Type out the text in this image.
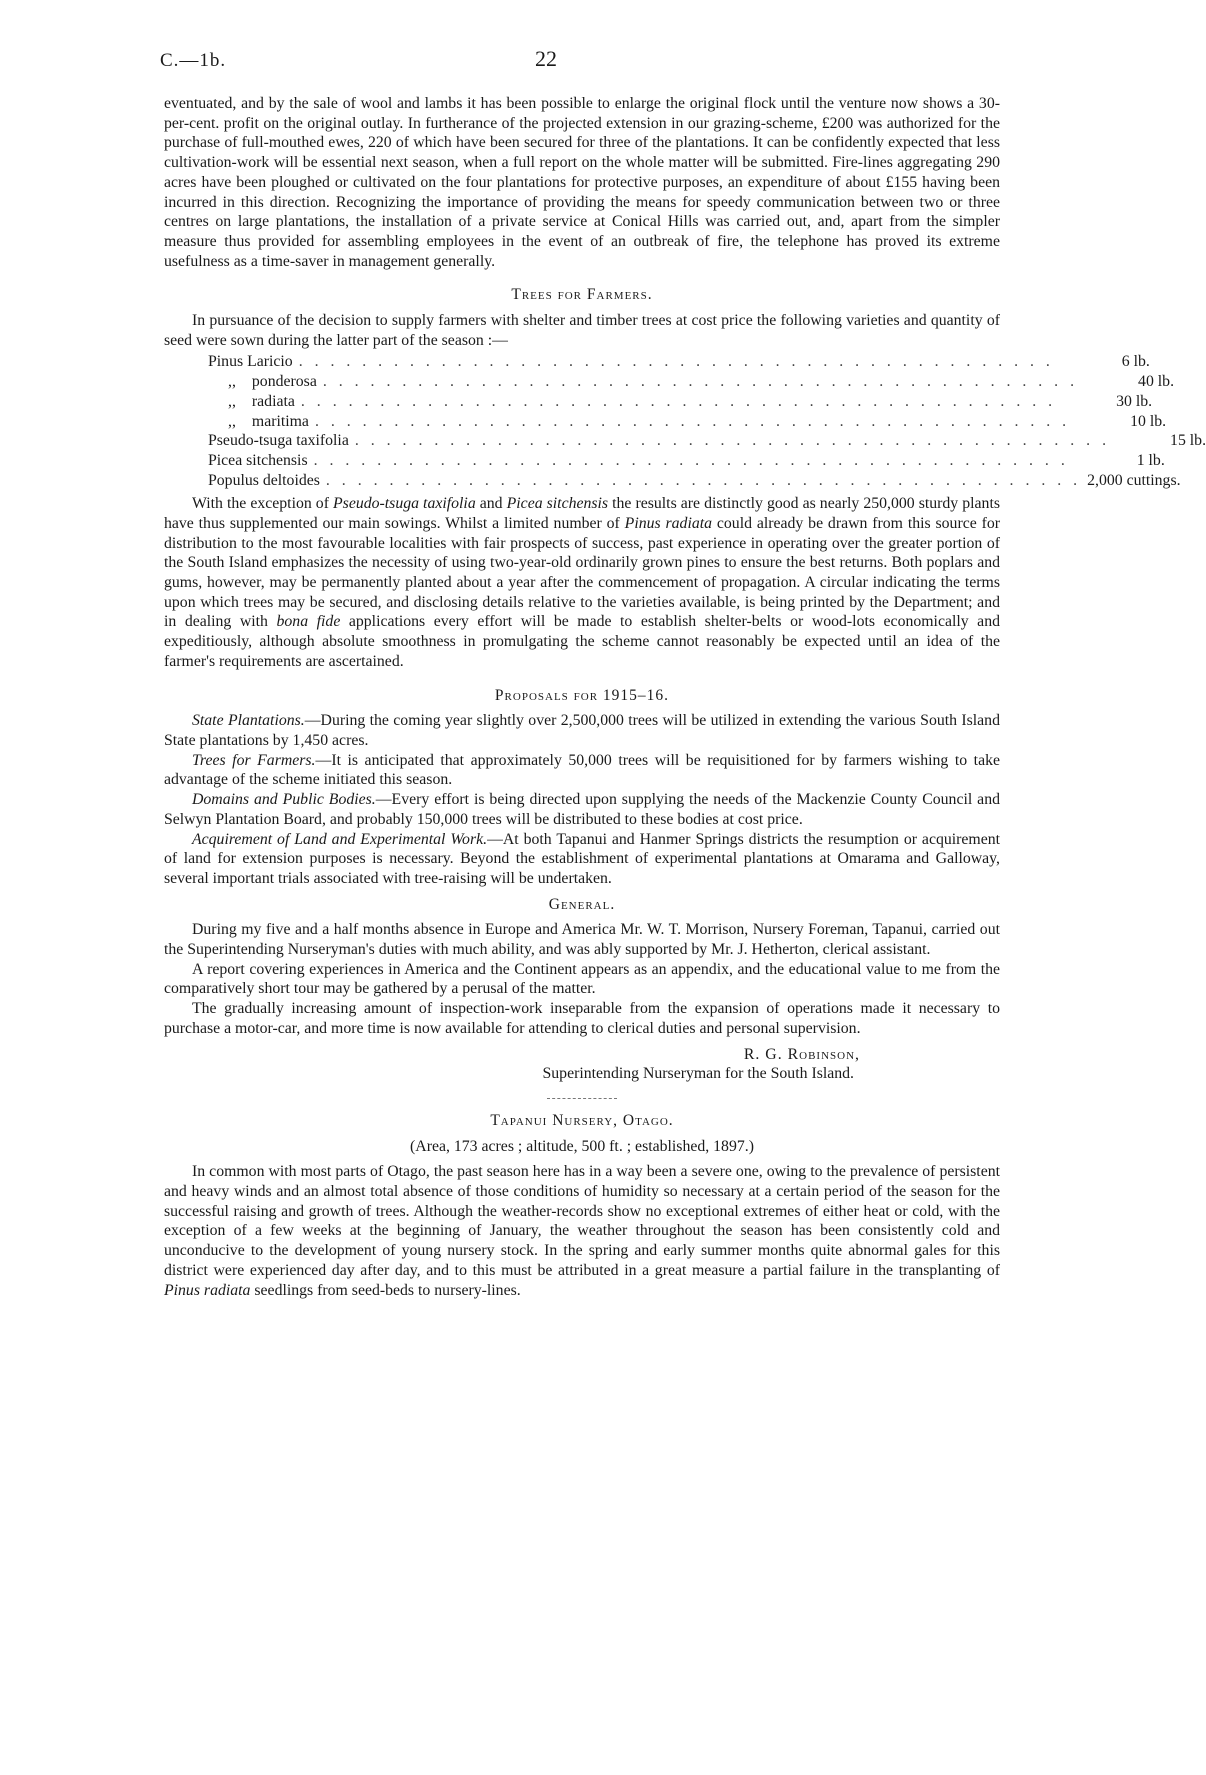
C.—1b.	22

eventuated, and by the sale of wool and lambs it has been possible to enlarge the original flock until the venture now shows a 30-per-cent. profit on the original outlay. In furtherance of the projected extension in our grazing-scheme, £200 was authorized for the purchase of full-mouthed ewes, 220 of which have been secured for three of the plantations. It can be confidently expected that less cultivation-work will be essential next season, when a full report on the whole matter will be submitted. Fire-lines aggregating 290 acres have been ploughed or cultivated on the four plantations for protective purposes, an expenditure of about £155 having been incurred in this direction. Recognizing the importance of providing the means for speedy communication between two or three centres on large plantations, the installation of a private service at Conical Hills was carried out, and, apart from the simpler measure thus provided for assembling employees in the event of an outbreak of fire, the telephone has proved its extreme usefulness as a time-saver in management generally.

Trees for Farmers.

In pursuance of the decision to supply farmers with shelter and timber trees at cost price the following varieties and quantity of seed were sown during the latter part of the season :—

Pinus Laricio . . . . . . . . . . . . . . . . . . . . . . . . . . . . . . . . . . . . . . . . . . . . . . . .	6 lb.
,, ponderosa . . . . . . . . . . . . . . . . . . . . . . . . . . . . . . . . . . . . . . . . . . . . . . . .	40 lb.
,, radiata . . . . . . . . . . . . . . . . . . . . . . . . . . . . . . . . . . . . . . . . . . . . . . . .	30 lb.
,, maritima . . . . . . . . . . . . . . . . . . . . . . . . . . . . . . . . . . . . . . . . . . . . . . . .	10 lb.
Pseudo-tsuga taxifolia . . . . . . . . . . . . . . . . . . . . . . . . . . . . . . . . . . . . . . . . . . . . . . . .	15 lb.
Picea sitchensis . . . . . . . . . . . . . . . . . . . . . . . . . . . . . . . . . . . . . . . . . . . . . . . .	1 lb.
Populus deltoides . . . . . . . . . . . . . . . . . . . . . . . . . . . . . . . . . . . . . . . . . . . . . . . . 2,000 cuttings.

With the exception of Pseudo-tsuga taxifolia and Picea sitchensis the results are distinctly good as nearly 250,000 sturdy plants have thus supplemented our main sowings. Whilst a limited number of Pinus radiata could already be drawn from this source for distribution to the most favourable localities with fair prospects of success, past experience in operating over the greater portion of the South Island emphasizes the necessity of using two-year-old ordinarily grown pines to ensure the best returns. Both poplars and gums, however, may be permanently planted about a year after the commencement of propagation. A circular indicating the terms upon which trees may be secured, and disclosing details relative to the varieties available, is being printed by the Department; and in dealing with bona fide applications every effort will be made to establish shelter-belts or wood-lots economically and expeditiously, although absolute smoothness in promulgating the scheme cannot reasonably be expected until an idea of the farmer's requirements are ascertained.

Proposals for 1915–16.

State Plantations.—During the coming year slightly over 2,500,000 trees will be utilized in extending the various South Island State plantations by 1,450 acres.

Trees for Farmers.—It is anticipated that approximately 50,000 trees will be requisitioned for by farmers wishing to take advantage of the scheme initiated this season.

Domains and Public Bodies.—Every effort is being directed upon supplying the needs of the Mackenzie County Council and Selwyn Plantation Board, and probably 150,000 trees will be distributed to these bodies at cost price.

Acquirement of Land and Experimental Work.—At both Tapanui and Hanmer Springs districts the resumption or acquirement of land for extension purposes is necessary. Beyond the establishment of experimental plantations at Omarama and Galloway, several important trials associated with tree-raising will be undertaken.

General.

During my five and a half months absence in Europe and America Mr. W. T. Morrison, Nursery Foreman, Tapanui, carried out the Superintending Nurseryman's duties with much ability, and was ably supported by Mr. J. Hetherton, clerical assistant.

A report covering experiences in America and the Continent appears as an appendix, and the educational value to me from the comparatively short tour may be gathered by a perusal of the matter.

The gradually increasing amount of inspection-work inseparable from the expansion of operations made it necessary to purchase a motor-car, and more time is now available for attending to clerical duties and personal supervision.

R. G. Robinson,

Superintending Nurseryman for the South Island.

Tapanui Nursery, Otago.

(Area, 173 acres ; altitude, 500 ft. ; established, 1897.)

In common with most parts of Otago, the past season here has in a way been a severe one, owing to the prevalence of persistent and heavy winds and an almost total absence of those conditions of humidity so necessary at a certain period of the season for the successful raising and growth of trees. Although the weather-records show no exceptional extremes of either heat or cold, with the exception of a few weeks at the beginning of January, the weather throughout the season has been consistently cold and unconducive to the development of young nursery stock. In the spring and early summer months quite abnormal gales for this district were experienced day after day, and to this must be attributed in a great measure a partial failure in the transplanting of Pinus radiata seedlings from seed-beds to nursery-lines.
